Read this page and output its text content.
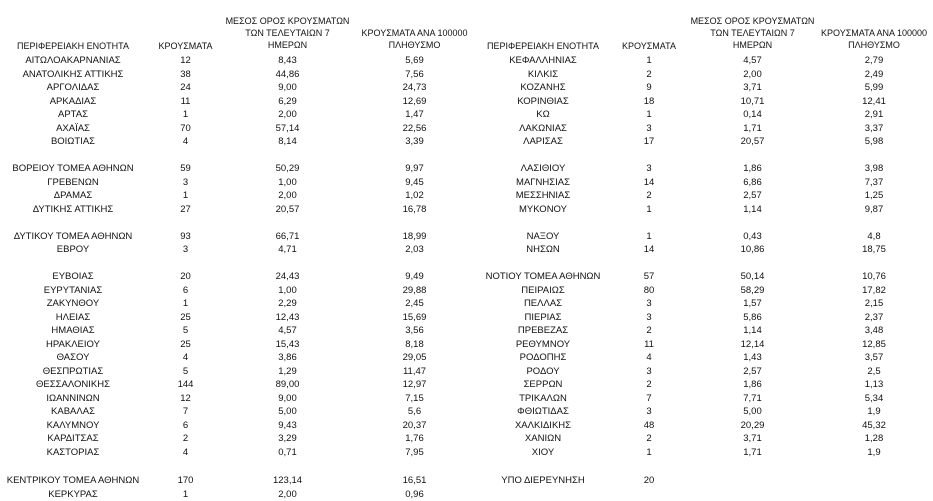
ΠΕΡΙΦΕΡΕΙΑΚΗ ΕΝΟΤΗΤΑ	ΚΡΟΥΣΜΑΤΑ
ΜΕΣΟΣ ΟΡΟΣ ΚΡΟΥΣΜΑΤΩΝ
ΤΩΝ ΤΕΛΕΥΤΑΙΩΝ 7
ΗΜΕΡΩΝ
ΚΡΟΥΣΜΑΤΑ ΑΝΑ 100000
ΠΛΗΘΥΣΜΟ	ΠΕΡΙΦΕΡΕΙΑΚΗ ΕΝΟΤΗΤΑ	ΚΡΟΥΣΜΑΤΑ
ΜΕΣΟΣ ΟΡΟΣ ΚΡΟΥΣΜΑΤΩΝ
ΤΩΝ ΤΕΛΕΥΤΑΙΩΝ 7
ΗΜΕΡΩΝ
ΚΡΟΥΣΜΑΤΑ ΑΝΑ 100000
ΠΛΗΘΥΣΜΟ
ΑΙΤΩΛΟΑΚΑΡΝΑΝΙΑΣ	12	8,43	5,69
ΑΝΑΤΟΛΙΚΗΣ ΑΤΤΙΚΗΣ	38	44,86	7,56
ΑΡΓΟΛΙΔΑΣ	24	9,00	24,73
ΑΡΚΑΔΙΑΣ	11	6,29	12,69
ΑΡΤΑΣ	1	2,00	1,47
ΑΧΑΪΑΣ	70	57,14	22,56
ΒΟΙΩΤΙΑΣ	4	8,14	3,39
ΒΟΡΕΙΟΥ ΤΟΜΕΑ ΑΘΗΝΩΝ	59	50,29	9,97
ΓΡΕΒΕΝΩΝ	3	1,00	9,45
ΔΡΑΜΑΣ	1	2,00	1,02
ΔΥΤΙΚΗΣ ΑΤΤΙΚΗΣ	27	20,57	16,78
ΔΥΤΙΚΟΥ ΤΟΜΕΑ ΑΘΗΝΩΝ	93	66,71	18,99
ΕΒΡΟΥ	3	4,71	2,03
ΕΥΒΟΙΑΣ	20	24,43	9,49
ΕΥΡΥΤΑΝΙΑΣ	6	1,00	29,88
ΖΑΚΥΝΘΟΥ	1	2,29	2,45
ΗΛΕΙΑΣ	25	12,43	15,69
ΗΜΑΘΙΑΣ	5	4,57	3,56
ΗΡΑΚΛΕΙΟΥ	25	15,43	8,18
ΘΑΣΟΥ	4	3,86	29,05
ΘΕΣΠΡΩΤΙΑΣ	5	1,29	11,47
ΘΕΣΣΑΛΟΝΙΚΗΣ	144	89,00	12,97
ΙΩΑΝΝΙΝΩΝ	12	9,00	7,15
ΚΑΒΑΛΑΣ	7	5,00	5,6
ΚΑΛΥΜΝΟΥ	6	9,43	20,37
ΚΑΡΔΙΤΣΑΣ	2	3,29	1,76
ΚΑΣΤΟΡΙΑΣ	4	0,71	7,95
ΚΕΝΤΡΙΚΟΥ ΤΟΜΕΑ ΑΘΗΝΩΝ	170	123,14	16,51
ΚΕΡΚΥΡΑΣ	1	2,00	0,96
ΚΕΦΑΛΛΗΝΙΑΣ	1	4,57	2,79
ΚΙΛΚΙΣ	2	2,00	2,49
ΚΟΖΑΝΗΣ	9	3,71	5,99
ΚΟΡΙΝΘΙΑΣ	18	10,71	12,41
ΚΩ	1	0,14	2,91
ΛΑΚΩΝΙΑΣ	3	1,71	3,37
ΛΑΡΙΣΑΣ	17	20,57	5,98
ΛΑΣΙΘΙΟΥ	3	1,86	3,98
ΜΑΓΝΗΣΙΑΣ	14	6,86	7,37
ΜΕΣΣΗΝΙΑΣ	2	2,57	1,25
ΜΥΚΟΝΟΥ	1	1,14	9,87
ΝΑΞΟΥ	1	0,43	4,8
ΝΗΣΩΝ	14	10,86	18,75
ΝΟΤΙΟΥ ΤΟΜΕΑ ΑΘΗΝΩΝ	57	50,14	10,76
ΠΕΙΡΑΙΩΣ	80	58,29	17,82
ΠΕΛΛΑΣ	3	1,57	2,15
ΠΙΕΡΙΑΣ	3	5,86	2,37
ΠΡΕΒΕΖΑΣ	2	1,14	3,48
ΡΕΘΥΜΝΟΥ	11	12,14	12,85
ΡΟΔΟΠΗΣ	4	1,43	3,57
ΡΟΔΟΥ	3	2,57	2,5
ΣΕΡΡΩΝ	2	1,86	1,13
ΤΡΙΚΑΛΩΝ	7	7,71	5,34
ΦΘΙΩΤΙΔΑΣ	3	5,00	1,9
ΧΑΛΚΙΔΙΚΗΣ	48	20,29	45,32
ΧΑΝΙΩΝ	2	3,71	1,28
ΧΙΟΥ	1	1,71	1,9
ΥΠΟ ΔΙΕΡΕΥΝΗΣΗ	20
